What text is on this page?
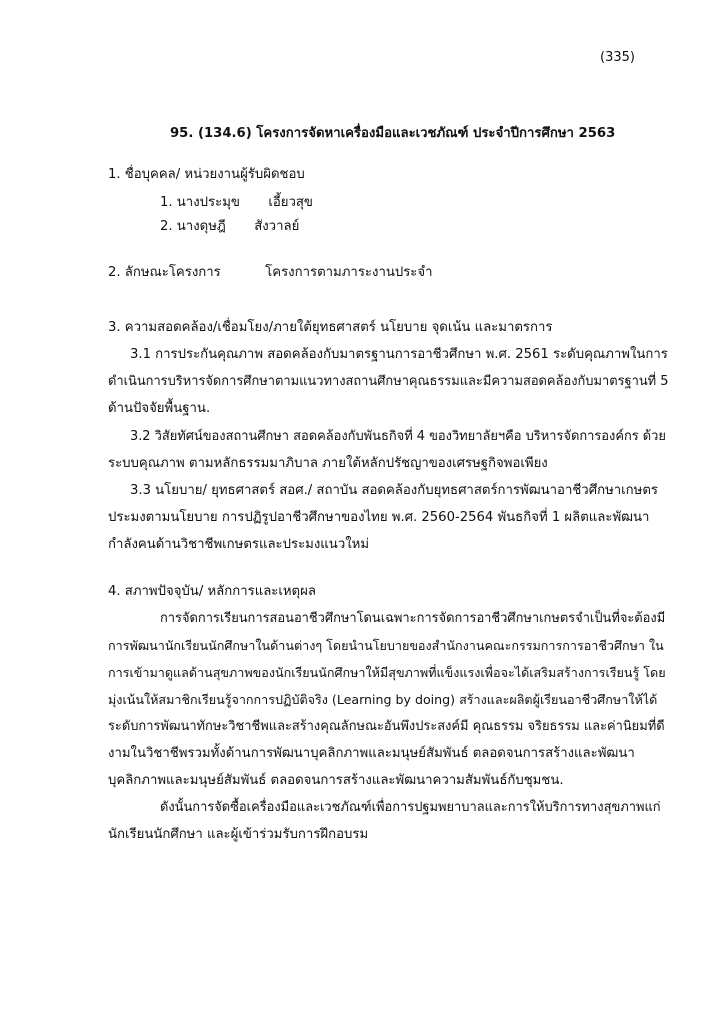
(335)
95. (134.6) โครงการจัดหาเครื่องมือและเวชภัณฑ์ ประจำปีการศึกษา 2563
1. ชื่อบุคคล/ หน่วยงานผู้รับผิดชอบ
1. นางประมุข เอี้ยวสุข
2. นางดุษฎี สังวาลย์
2. ลักษณะโครงการ	โครงการตามภาระงานประจำ
3. ความสอดคล้อง/เชื่อมโยง/ภายใต้ยุทธศาสตร์ นโยบาย จุดเน้น และมาตรการ
3.1 การประกันคุณภาพ สอดคล้องกับมาตรฐานการอาชีวศึกษา พ.ศ. 2561 ระดับคุณภาพในการ
ดำเนินการบริหารจัดการศึกษาตามแนวทางสถานศึกษาคุณธรรมและมีความสอดคล้องกับมาตรฐานที่ 5
ด้านปัจจัยพื้นฐาน.
3.2 วิสัยทัศน์ของสถานศึกษา สอดคล้องกับพันธกิจที่ 4 ของวิทยาลัยฯคือ บริหารจัดการองค์กร ด้วย
ระบบคุณภาพ ตามหลักธรรมมาภิบาล ภายใต้หลักปรัชญาของเศรษฐกิจพอเพียง
3.3 นโยบาย/ ยุทธศาสตร์ สอศ./ สถาบัน สอดคล้องกับยุทธศาสตร์การพัฒนาอาชีวศึกษาเกษตร
ประมงตามนโยบาย การปฏิรูปอาชีวศึกษาของไทย พ.ศ. 2560-2564 พันธกิจที่ 1 ผลิตและพัฒนา
กำลังคนด้านวิชาชีพเกษตรและประมงแนวใหม่
4. สภาพปัจจุบัน/ หลักการและเหตุผล
การจัดการเรียนการสอนอาชีวศึกษาโดนเฉพาะการจัดการอาชีวศึกษาเกษตรจำเป็นที่จะต้องมี
การพัฒนานักเรียนนักศึกษาในด้านต่างๆ โดยนำนโยบายของสำนักงานคณะกรรมการการอาชีวศึกษา ใน
การเข้ามาดูแลด้านสุขภาพของนักเรียนนักศึกษาให้มีสุขภาพที่แข็งแรงเพื่อจะได้เสริมสร้างการเรียนรู้ โดย
มุ่งเน้นให้สมาชิกเรียนรู้จากการปฏิบัติจริง (Learning by doing) สร้างและผลิตผู้เรียนอาชีวศึกษาให้ได้
ระดับการพัฒนาทักษะวิชาชีพและสร้างคุณลักษณะอันพึงประสงค์มี คุณธรรม จริยธรรม และค่านิยมที่ดี
งามในวิชาชีพรวมทั้งด้านการพัฒนาบุคลิกภาพและมนุษย์สัมพันธ์ ตลอดจนการสร้างและพัฒนา
บุคลิกภาพและมนุษย์สัมพันธ์ ตลอดจนการสร้างและพัฒนาความสัมพันธ์กับชุมชน.
ดังนั้นการจัดซื้อเครื่องมือและเวชภัณฑ์เพื่อการปฐมพยาบาลและการให้บริการทางสุขภาพแก่
นักเรียนนักศึกษา และผู้เข้าร่วมรับการฝึกอบรม
